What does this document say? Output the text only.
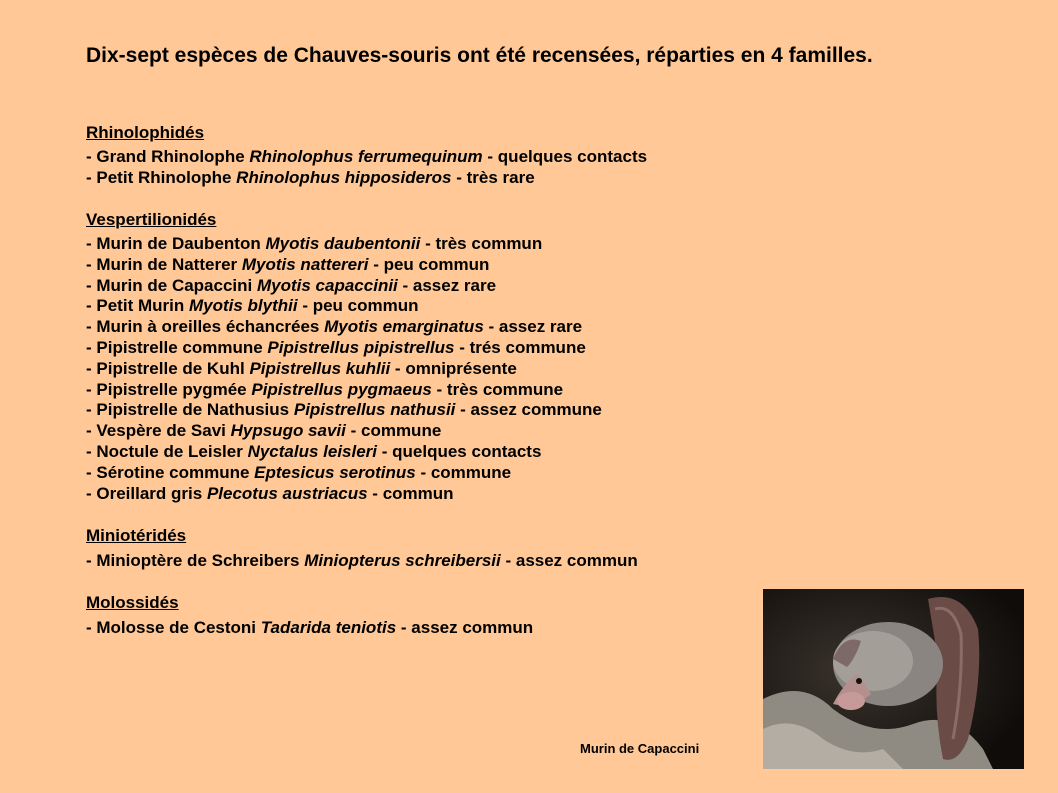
Dix-sept espèces de Chauves-souris ont été recensées, réparties en 4 familles.
Rhinolophidés
- Grand Rhinolophe Rhinolophus ferrumequinum - quelques contacts
- Petit Rhinolophe Rhinolophus hipposideros - très rare
Vespertilionidés
- Murin de Daubenton Myotis daubentonii - très commun
- Murin de Natterer Myotis nattereri - peu commun
- Murin de Capaccini Myotis capaccinii - assez rare
- Petit Murin Myotis blythii - peu commun
- Murin à oreilles échancrées Myotis emarginatus - assez rare
- Pipistrelle commune Pipistrellus pipistrellus - trés commune
- Pipistrelle de Kuhl Pipistrellus kuhlii - omniprésente
- Pipistrelle pygmée Pipistrellus pygmaeus - très commune
- Pipistrelle de Nathusius Pipistrellus nathusii - assez commune
- Vespère de Savi Hypsugo savii - commune
- Noctule de Leisler Nyctalus leisleri - quelques contacts
- Sérotine commune Eptesicus serotinus - commune
- Oreillard gris Plecotus austriacus - commun
Miniotéridés
- Minioptère de Schreibers Miniopterus schreibersii - assez commun
Molossidés
- Molosse de Cestoni Tadarida teniotis - assez commun
Murin de Capaccini
